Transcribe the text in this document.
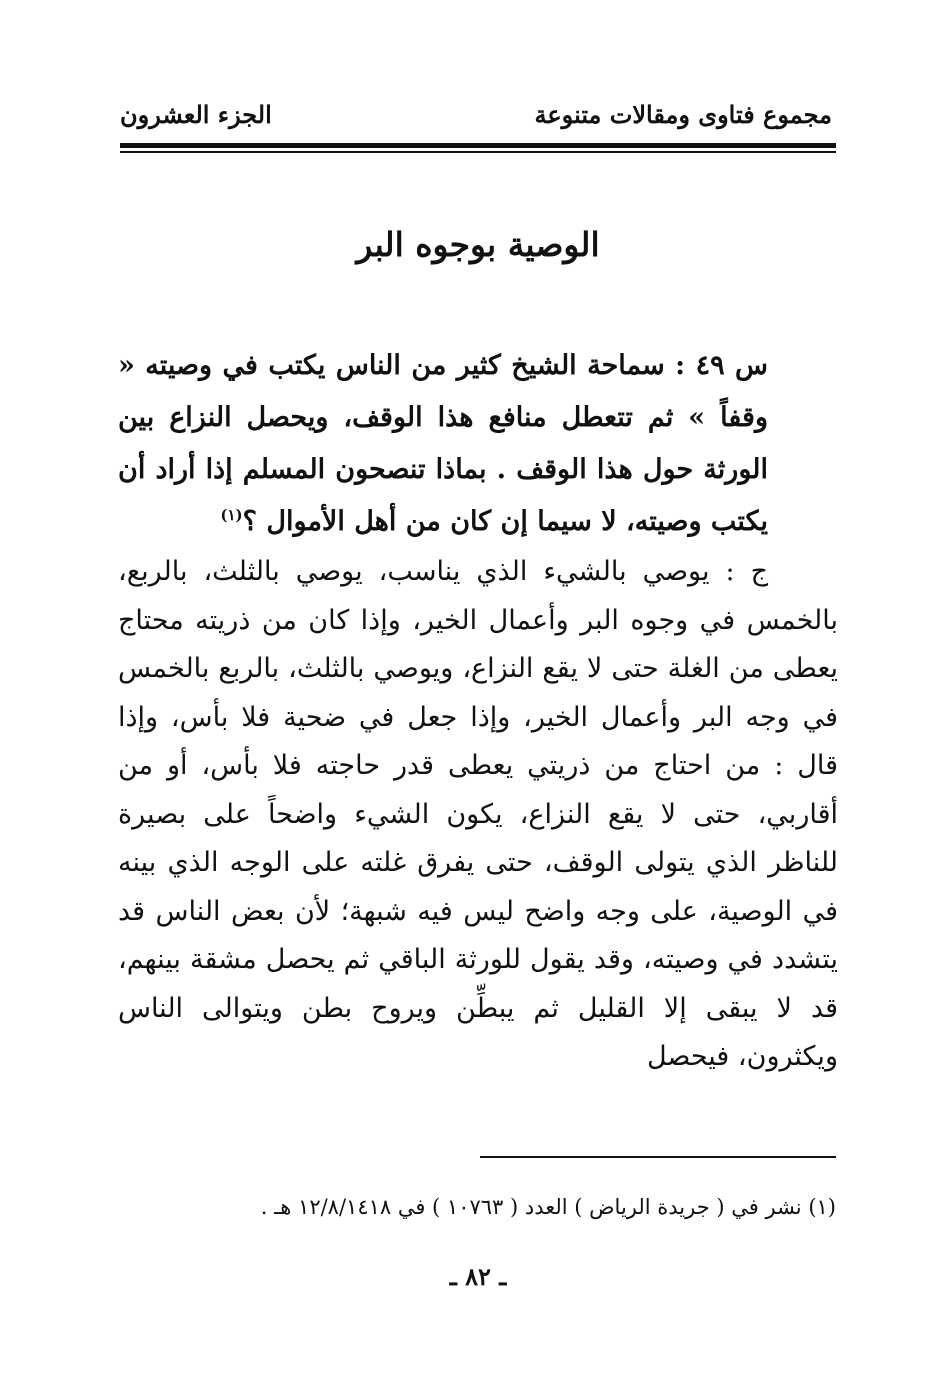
مجموع فتاوى ومقالات متنوعة
الجزء العشرون
الوصية بوجوه البر
س ٤٩ : سماحة الشيخ كثير من الناس يكتب في وصيته « وقفاً » ثم تتعطل منافع هذا الوقف، ويحصل النزاع بين الورثة حول هذا الوقف . بماذا تنصحون المسلم إذا أراد أن يكتب وصيته، لا سيما إن كان من أهل الأموال ؟$^{(١)}$
ج : يوصي بالشيء الذي يناسب، يوصي بالثلث، بالربع، بالخمس في وجوه البر وأعمال الخير، وإذا كان من ذريته محتاج يعطى من الغلة حتى لا يقع النزاع، ويوصي بالثلث، بالربع بالخمس في وجه البر وأعمال الخير، وإذا جعل في ضحية فلا بأس، وإذا قال : من احتاج من ذريتي يعطى قدر حاجته فلا بأس، أو من أقاربي، حتى لا يقع النزاع، يكون الشيء واضحاً على بصيرة للناظر الذي يتولى الوقف، حتى يفرق غلته على الوجه الذي بينه في الوصية، على وجه واضح ليس فيه شبهة؛ لأن بعض الناس قد يتشدد في وصيته، وقد يقول للورثة الباقي ثم يحصل مشقة بينهم، قد لا يبقى إلا القليل ثم يبطِّن ويروح بطن ويتوالى الناس ويكثرون، فيحصل
(١) نشر في ( جريدة الرياض ) العدد ( ١٠٧٦٣ ) في ١٢/٨/١٤١٨ هـ .
ـ ٨٢ ـ
